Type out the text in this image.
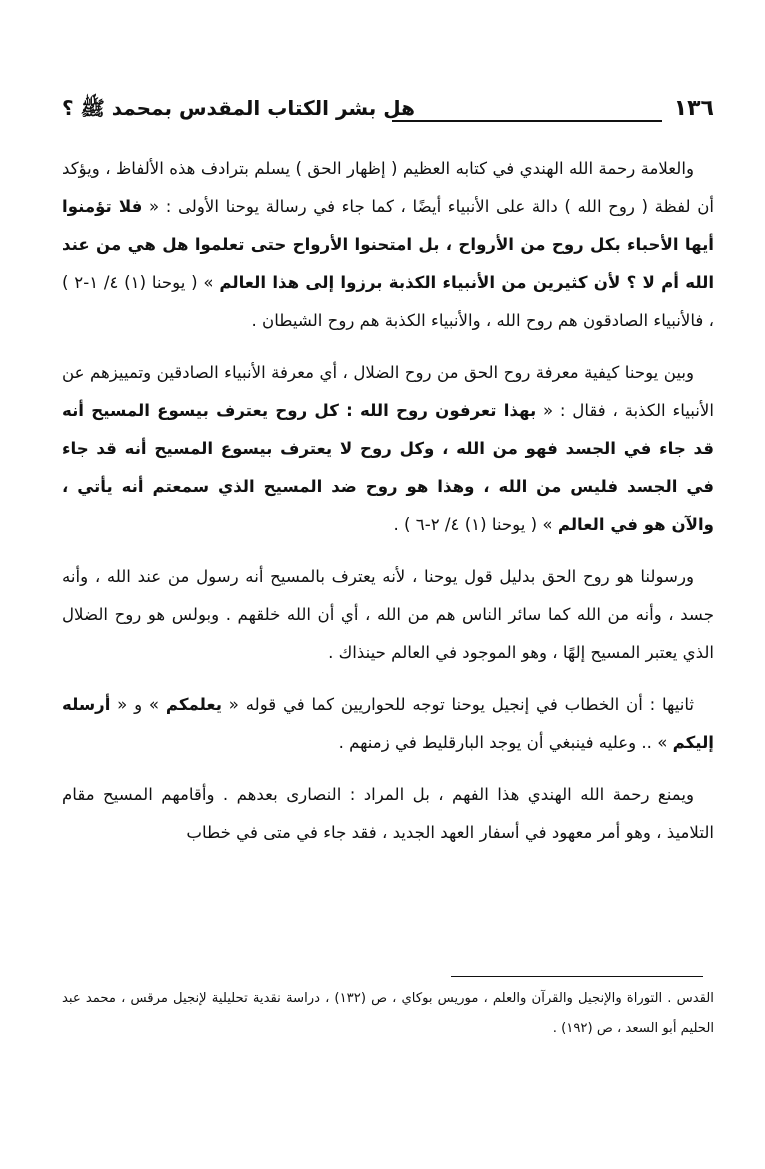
١٣٦
هل بشر الكتاب المقدس بمحمد ﷺ ؟

والعلامة رحمة الله الهندي في كتابه العظيم ( إظهار الحق ) يسلم بترادف هذه الألفاظ ، ويؤكد أن لفظة ( روح الله ) دالة على الأنبياء أيضًا ، كما جاء في رسالة يوحنا الأولى : « فلا تؤمنوا أيها الأحباء بكل روح من الأرواح ، بل امتحنوا الأرواح حتى تعلموا هل هي من عند الله أم لا ؟ لأن كثيرين من الأنبياء الكذبة برزوا إلى هذا العالم » ( يوحنا (١) ٤/ ١-٢ ) ، فالأنبياء الصادقون هم روح الله ، والأنبياء الكذبة هم روح الشيطان .

وبين يوحنا كيفية معرفة روح الحق من روح الضلال ، أي معرفة الأنبياء الصادقين وتمييزهم عن الأنبياء الكذبة ، فقال : « بهذا تعرفون روح الله : كل روح يعترف بيسوع المسيح أنه قد جاء في الجسد فهو من الله ، وكل روح لا يعترف بيسوع المسيح أنه قد جاء في الجسد فليس من الله ، وهذا هو روح ضد المسيح الذي سمعتم أنه يأتي ، والآن هو في العالم » ( يوحنا (١) ٤/ ٢-٦ ) .

ورسولنا هو روح الحق بدليل قول يوحنا ، لأنه يعترف بالمسيح أنه رسول من عند الله ، وأنه جسد ، وأنه من الله كما سائر الناس هم من الله ، أي أن الله خلقهم . وبولس هو روح الضلال الذي يعتبر المسيح إلهًا ، وهو الموجود في العالم حينذاك .

ثانيها : أن الخطاب في إنجيل يوحنا توجه للحواريين كما في قوله « يعلمكم » و « أرسله إليكم » .. وعليه فينبغي أن يوجد البارقليط في زمنهم .

ويمنع رحمة الله الهندي هذا الفهم ، بل المراد : النصارى بعدهم . وأقامهم المسيح مقام التلاميذ ، وهو أمر معهود في أسفار العهد الجديد ، فقد جاء في متى في خطاب

القدس . التوراة والإنجيل والقرآن والعلم ، موريس بوكاي ، ص (١٣٢) ، دراسة نقدية تحليلية لإنجيل مرقس ، محمد عبد الحليم أبو السعد ، ص (١٩٢) .
